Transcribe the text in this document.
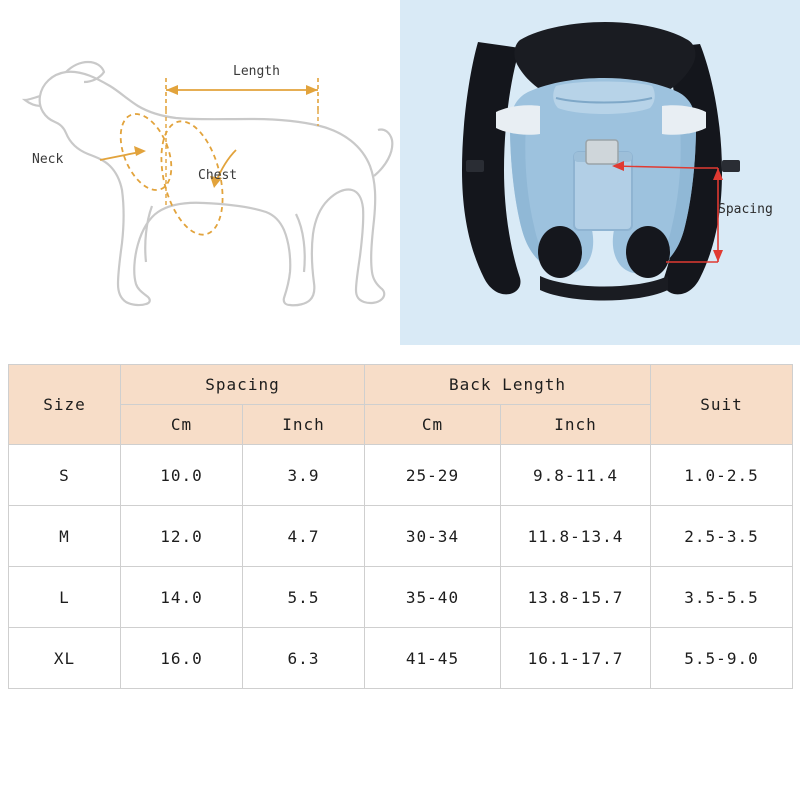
Neck
Chest
Length
Spacing
Size	Spacing		Back Length		Suit
	Cm	Inch	Cm	Inch	
S	10.0	3.9	25-29	9.8-11.4	1.0-2.5
M	12.0	4.7	30-34	11.8-13.4	2.5-3.5
L	14.0	5.5	35-40	13.8-15.7	3.5-5.5
XL	16.0	6.3	41-45	16.1-17.7	5.5-9.0
